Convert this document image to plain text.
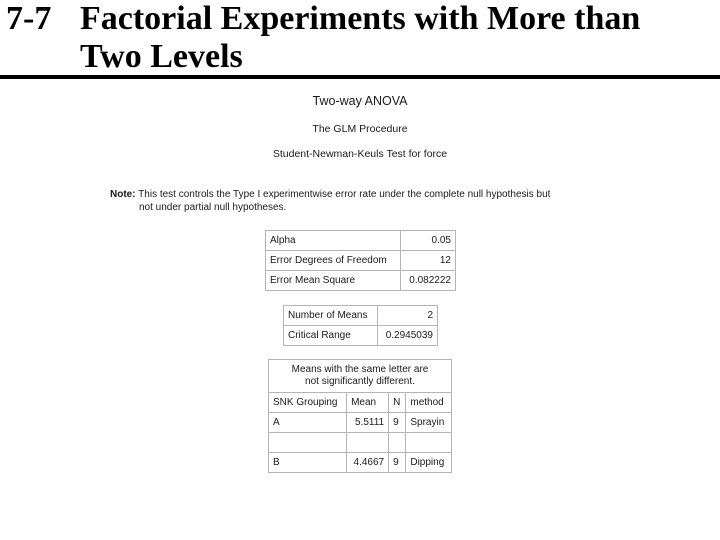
7-7 Factorial Experiments with More than
Two Levels
Two-way ANOVA
The GLM Procedure
Student-Newman-Keuls Test for force
Note: This test controls the Type I experimentwise error rate under the complete null hypothesis but
not under partial null hypotheses.
Alpha	0.05
Error Degrees of Freedom	12
Error Mean Square	0.082222
Number of Means	2
Critical Range	0.2945039
Means with the same letter are
not significantly different.			

SNK Grouping	Mean	N	method
A	5.5111	9	Sprayin

B	4.4667	9	Dipping
